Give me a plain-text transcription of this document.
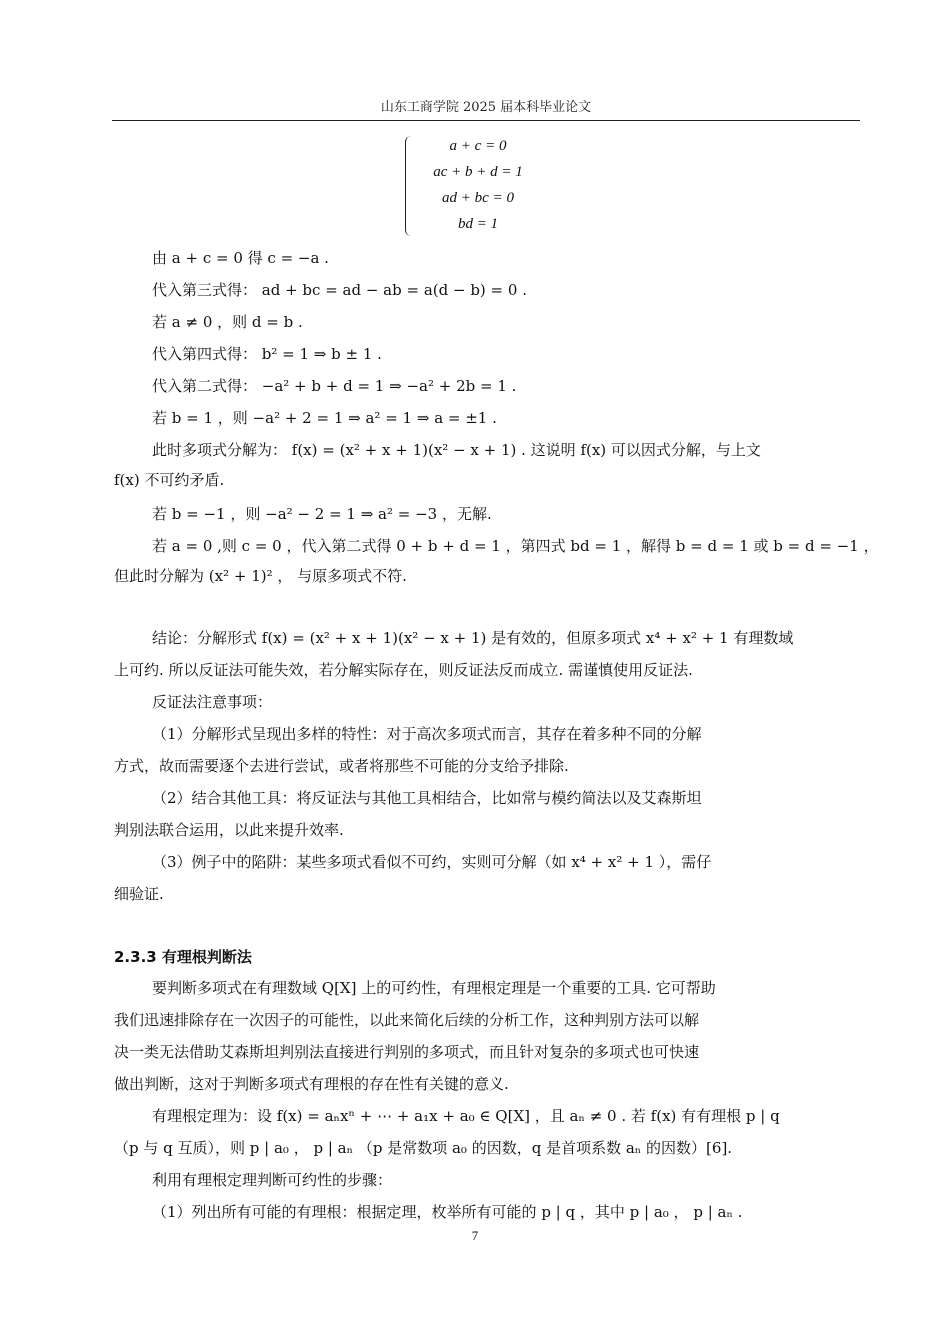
山东工商学院 2025 届本科毕业论文
a + c = 0
ac + b + d = 1
ad + bc = 0
bd = 1
由 a + c = 0 得 c = −a .
代入第三式得： ad + bc = ad − ab = a(d − b) = 0 .
若 a ≠ 0 ，则 d = b .
代入第四式得： b² = 1 ⇒ b ± 1 .
代入第二式得： −a² + b + d = 1 ⇒ −a² + 2b = 1 .
若 b = 1 ，则 −a² + 2 = 1 ⇒ a² = 1 ⇒ a = ±1 .
此时多项式分解为： f(x) = (x² + x + 1)(x² − x + 1) . 这说明 f(x) 可以因式分解，与上文
f(x) 不可约矛盾.
若 b = −1 ，则 −a² − 2 = 1 ⇒ a² = −3 ，无解.
若 a = 0 ,则 c = 0 ，代入第二式得 0 + b + d = 1 ，第四式 bd = 1 ，解得 b = d = 1 或 b = d = −1 ，
但此时分解为 (x² + 1)² ， 与原多项式不符.
结论：分解形式 f(x) = (x² + x + 1)(x² − x + 1) 是有效的，但原多项式 x⁴ + x² + 1 有理数域
上可约. 所以反证法可能失效，若分解实际存在，则反证法反而成立. 需谨慎使用反证法.
反证法注意事项：
（1）分解形式呈现出多样的特性：对于高次多项式而言，其存在着多种不同的分解
方式，故而需要逐个去进行尝试，或者将那些不可能的分支给予排除.
（2）结合其他工具：将反证法与其他工具相结合，比如常与模约简法以及艾森斯坦
判别法联合运用，以此来提升效率.
（3）例子中的陷阱：某些多项式看似不可约，实则可分解（如 x⁴ + x² + 1 ），需仔
细验证.
2.3.3 有理根判断法
要判断多项式在有理数域 Q[X] 上的可约性，有理根定理是一个重要的工具. 它可帮助
我们迅速排除存在一次因子的可能性，以此来简化后续的分析工作，这种判别方法可以解
决一类无法借助艾森斯坦判别法直接进行判别的多项式，而且针对复杂的多项式也可快速
做出判断，这对于判断多项式有理根的存在性有关键的意义.
有理根定理为：设 f(x) = aₙxⁿ + ⋯ + a₁x + a₀ ∈ Q[X] ，且 aₙ ≠ 0 . 若 f(x) 有有理根 p | q
（p 与 q 互质），则 p | a₀ ， p | aₙ （p 是常数项 a₀ 的因数，q 是首项系数 aₙ 的因数）[6].
利用有理根定理判断可约性的步骤：
（1）列出所有可能的有理根：根据定理，枚举所有可能的 p | q ，其中 p | a₀ ， p | aₙ .
7
